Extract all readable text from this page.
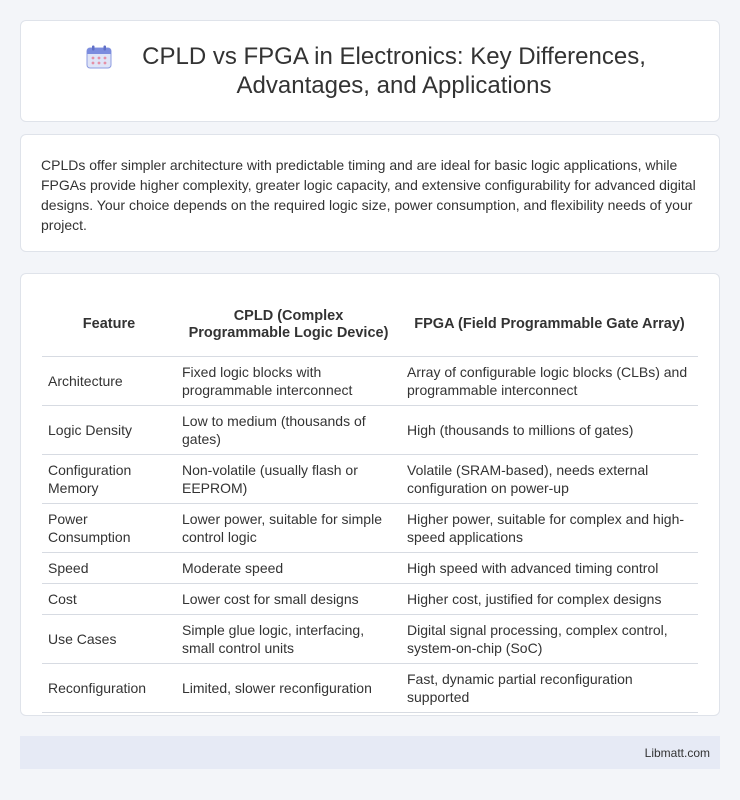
CPLD vs FPGA in Electronics: Key Differences, Advantages, and Applications

CPLDs offer simpler architecture with predictable timing and are ideal for basic logic applications, while FPGAs provide higher complexity, greater logic capacity, and extensive configurability for advanced digital designs. Your choice depends on the required logic size, power consumption, and flexibility needs of your project.

Feature	CPLD (Complex Programmable Logic Device)	FPGA (Field Programmable Gate Array)
Architecture	Fixed logic blocks with programmable interconnect	Array of configurable logic blocks (CLBs) and programmable interconnect
Logic Density	Low to medium (thousands of gates)	High (thousands to millions of gates)
Configuration Memory	Non-volatile (usually flash or EEPROM)	Volatile (SRAM-based), needs external configuration on power-up
Power Consumption	Lower power, suitable for simple control logic	Higher power, suitable for complex and high-speed applications
Speed	Moderate speed	High speed with advanced timing control
Cost	Lower cost for small designs	Higher cost, justified for complex designs
Use Cases	Simple glue logic, interfacing, small control units	Digital signal processing, complex control, system-on-chip (SoC)
Reconfiguration	Limited, slower reconfiguration	Fast, dynamic partial reconfiguration supported
Libmatt.com
